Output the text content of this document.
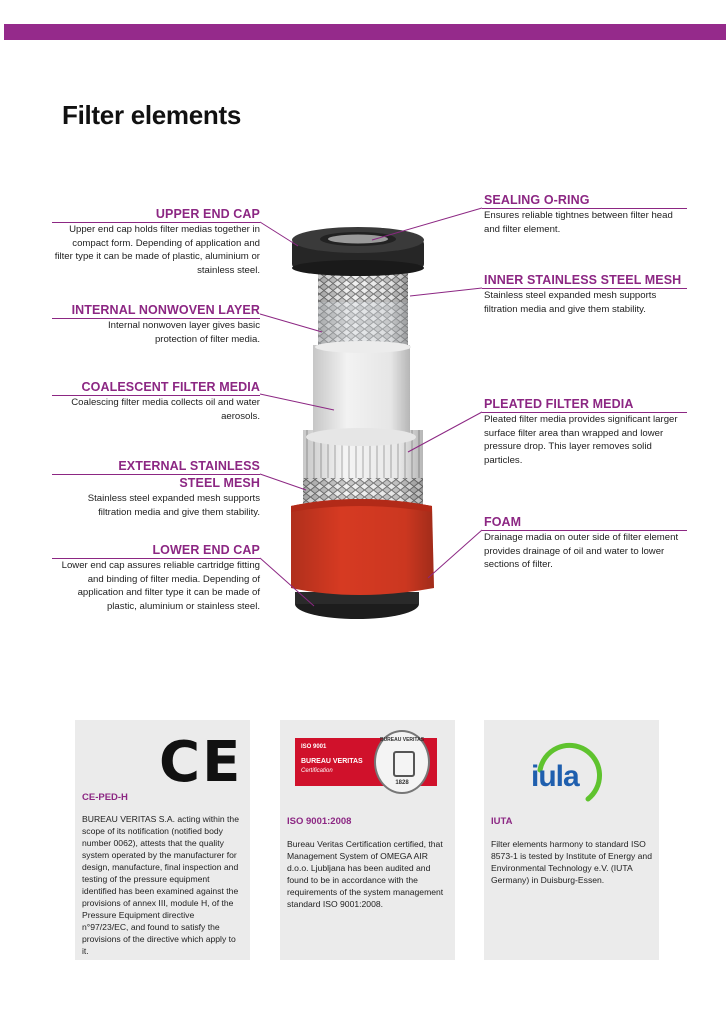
Filter elements
UPPER END CAP
Upper end cap holds filter medias together in compact form. Depending of application and filter type it can be made of plastic, aluminium or stainless steel.
INTERNAL NONWOVEN LAYER
Internal nonwoven layer gives basic protection of filter media.
COALESCENT FILTER MEDIA
Coalescing filter media collects oil and water aerosols.
EXTERNAL STAINLESS
STEEL MESH
Stainless steel expanded mesh supports filtration media and give them stability.
LOWER END CAP
Lower end cap assures reliable cartridge fitting and binding of filter media. Depending of application and filter type it can be made of plastic, aluminium or stainless steel.
SEALING O-RING
Ensures reliable tightnes between filter head and filter element.
INNER STAINLESS STEEL MESH
Stainless steel expanded mesh supports filtration media and give them stability.
PLEATED FILTER MEDIA
Pleated filter media provides significant larger surface filter area than wrapped and lower pressure drop. This layer removes solid particles.
FOAM
Drainage madia on outer side of filter element provides drainage of oil and water to lower sections of filter.
CE
CE-PED-H
BUREAU VERITAS S.A. acting within the scope of its notification (notified body number 0062), attests that the quality system operated by the manufacturer for design, manufacture, final inspection and testing of the pressure equipment identified has been examined against the provisions of annex III, module H, of the Pressure Equipment directive n°97/23/EC, and found to satisfy the provisions of the directive which apply to it.
ISO 9001
BUREAU VERITAS
Certification
BUREAU VERITAS
1828
ISO 9001:2008
Bureau Veritas Certification certified, that Management System of OMEGA AIR d.o.o. Ljubljana has been audited and found to be in accordance with the requirements of the system management standard ISO 9001:2008.
iula
IUTA
Filter elements harmony to standard ISO 8573-1 is tested by Institute of Energy and Environmental Technology e.V. (IUTA Germany) in Duisburg-Essen.
